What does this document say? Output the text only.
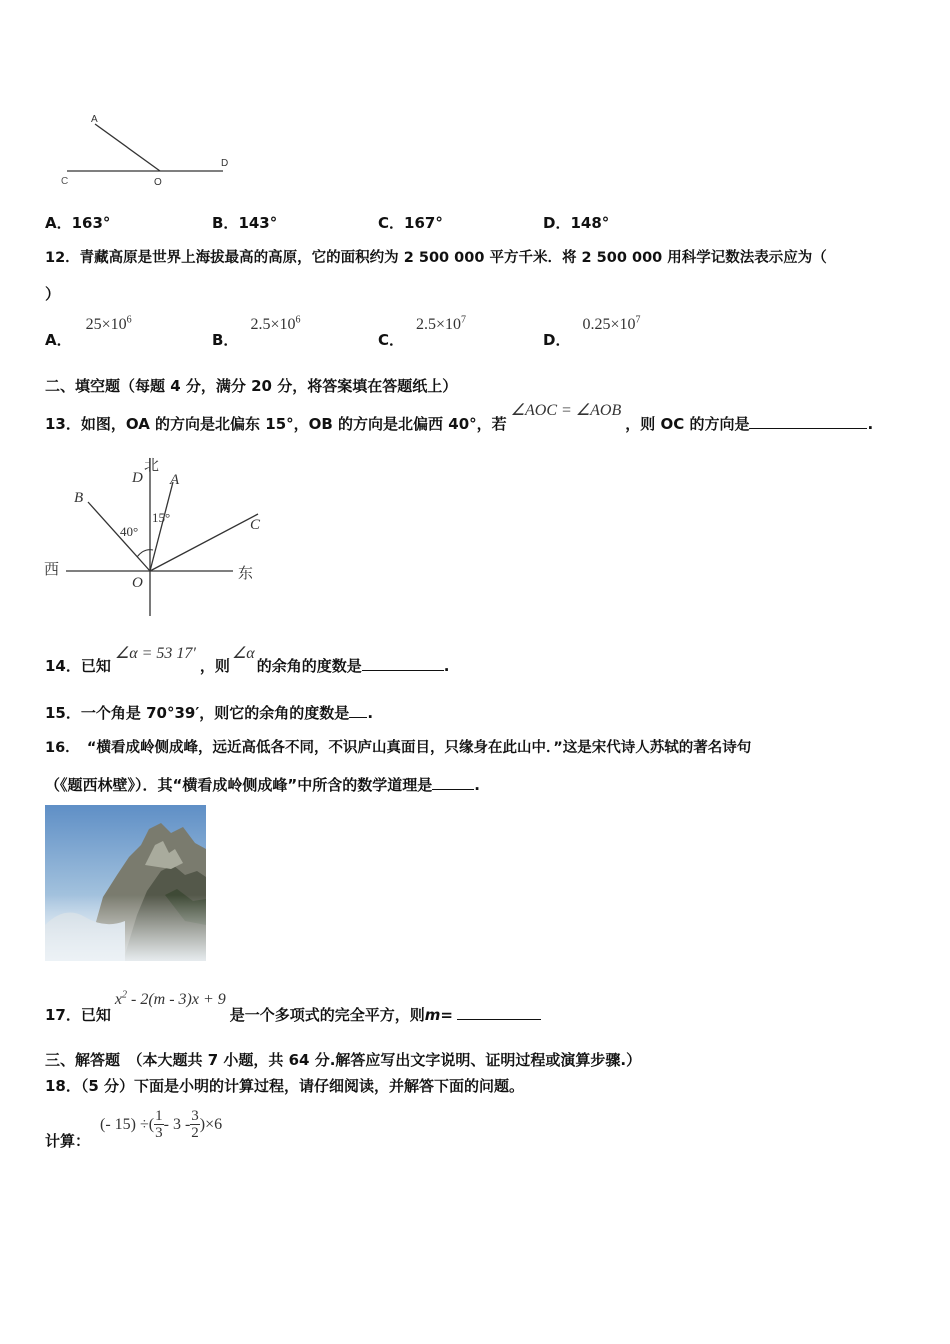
A
C	O
D
A．163°	B．143°	C．167°	D．148°
12．青藏高原是世界上海拔最高的高原，它的面积约为 2 500 000 平方千米．将 2 500 000 用科学记数法表示应为（
）
A．$25\times 10^6$
B．$2.5\times 10^6$
C．$2.5\times 10^7$
D．$0.25\times 10^7$
二、填空题（每题 4 分，满分 20 分，将答案填在答题纸上）
13．如图，OA 的方向是北偏东 15°，OB 的方向是北偏西 40°，若∠AOC = ∠AOB，则 OC 的方向是	.
北
D A
B
C
O
西	东
40°
15°
14．已知∠α = 53 17′，则∠α的余角的度数是	.
15．一个角是 70°39′，则它的余角的度数是 .
16．　“横看成岭侧成峰，远近高低各不同，不识庐山真面目，只缘身在此山中．”这是宋代诗人苏轼的著名诗句
（《题西林壁》）．其“横看成岭侧成峰”中所含的数学道理是	.
17．已知$x^2 - 2(m - 3)x + 9$是一个多项式的完全平方，则m=
三、解答题　（本大题共 7 小题，共 64 分.解答应写出文字说明、证明过程或演算步骤.）
18．（5 分）下面是小明的计算过程，请仔细阅读，并解答下面的问题。
计算：
(- 15) ÷( $\frac{1}{3} - 3 - \frac{3}{2} )\times 6$
